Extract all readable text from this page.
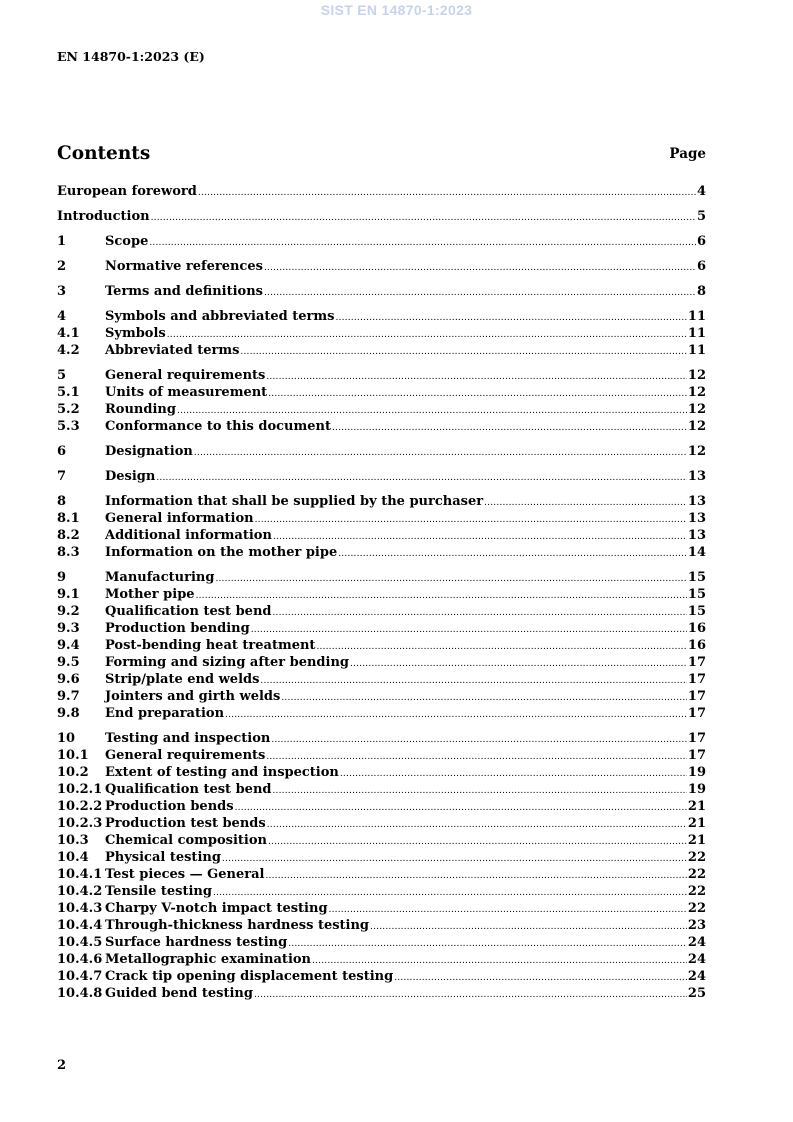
SIST EN 14870-1:2023
EN 14870-1:2023 (E)
Contents	Page
European foreword .....	4
Introduction .....	5
1	Scope .....	6
2	Normative references .....	6
3	Terms and definitions .....	8
4	Symbols and abbreviated terms .....	11
4.1	Symbols .....	11
4.2	Abbreviated terms .....	11
5	General requirements .....	12
5.1	Units of measurement .....	12
5.2	Rounding .....	12
5.3	Conformance to this document .....	12
6	Designation .....	12
7	Design .....	13
8	Information that shall be supplied by the purchaser .....	13
8.1	General information .....	13
8.2	Additional information .....	13
8.3	Information on the mother pipe .....	14
9	Manufacturing .....	15
9.1	Mother pipe .....	15
9.2	Qualification test bend .....	15
9.3	Production bending .....	16
9.4	Post-bending heat treatment .....	16
9.5	Forming and sizing after bending .....	17
9.6	Strip/plate end welds .....	17
9.7	Jointers and girth welds .....	17
9.8	End preparation .....	17
10	Testing and inspection .....	17
10.1	General requirements .....	17
10.2	Extent of testing and inspection .....	19
10.2.1 Qualification test bend .....	19
10.2.2 Production bends .....	21
10.2.3 Production test bends .....	21
10.3	Chemical composition .....	21
10.4	Physical testing .....	22
10.4.1 Test pieces — General .....	22
10.4.2 Tensile testing .....	22
10.4.3 Charpy V-notch impact testing .....	22
10.4.4 Through-thickness hardness testing .....	23
10.4.5 Surface hardness testing .....	24
10.4.6 Metallographic examination .....	24
10.4.7 Crack tip opening displacement testing .....	24
10.4.8 Guided bend testing .....	25
2
